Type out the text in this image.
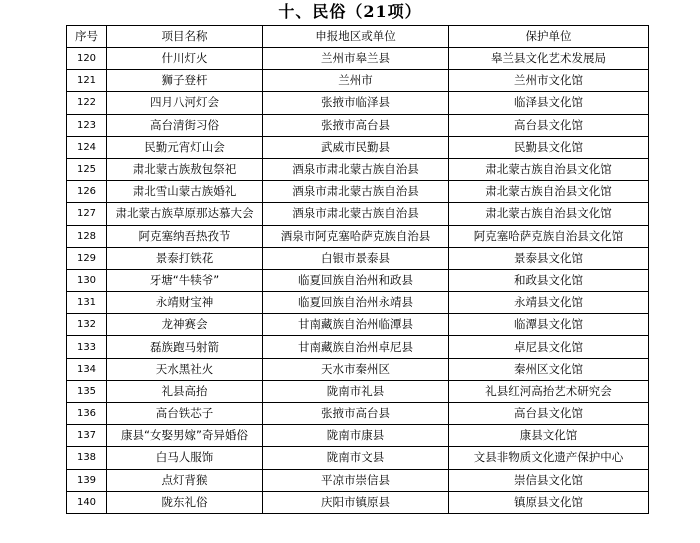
十、民俗（21项）
序号	项目名称	申报地区或单位	保护单位
120	什川灯火	兰州市皋兰县	皋兰县文化艺术发展局
121	狮子登杆	兰州市	兰州市文化馆
122	四月八河灯会	张掖市临泽县	临泽县文化馆
123	高台清街习俗	张掖市高台县	高台县文化馆
124	民勤元宵灯山会	武威市民勤县	民勤县文化馆
125	肃北蒙古族敖包祭祀	酒泉市肃北蒙古族自治县	肃北蒙古族自治县文化馆
126	肃北雪山蒙古族婚礼	酒泉市肃北蒙古族自治县	肃北蒙古族自治县文化馆
127	肃北蒙古族草原那达慕大会	酒泉市肃北蒙古族自治县	肃北蒙古族自治县文化馆
128	阿克塞纳吾热孜节	酒泉市阿克塞哈萨克族自治县	阿克塞哈萨克族自治县文化馆
129	景泰打铁花	白银市景泰县	景泰县文化馆
130	牙塘“牛犊爷”	临夏回族自治州和政县	和政县文化馆
131	永靖财宝神	临夏回族自治州永靖县	永靖县文化馆
132	龙神赛会	甘南藏族自治州临潭县	临潭县文化馆
133	磊族跑马射箭	甘南藏族自治州卓尼县	卓尼县文化馆
134	天水黑社火	天水市秦州区	秦州区文化馆
135	礼县高抬	陇南市礼县	礼县红河高抬艺术研究会
136	高台铁芯子	张掖市高台县	高台县文化馆
137	康县“女娶男嫁”奇异婚俗	陇南市康县	康县文化馆
138	白马人服饰	陇南市文县	文县非物质文化遗产保护中心
139	点灯背猴	平凉市崇信县	崇信县文化馆
140	陇东礼俗	庆阳市镇原县	镇原县文化馆
